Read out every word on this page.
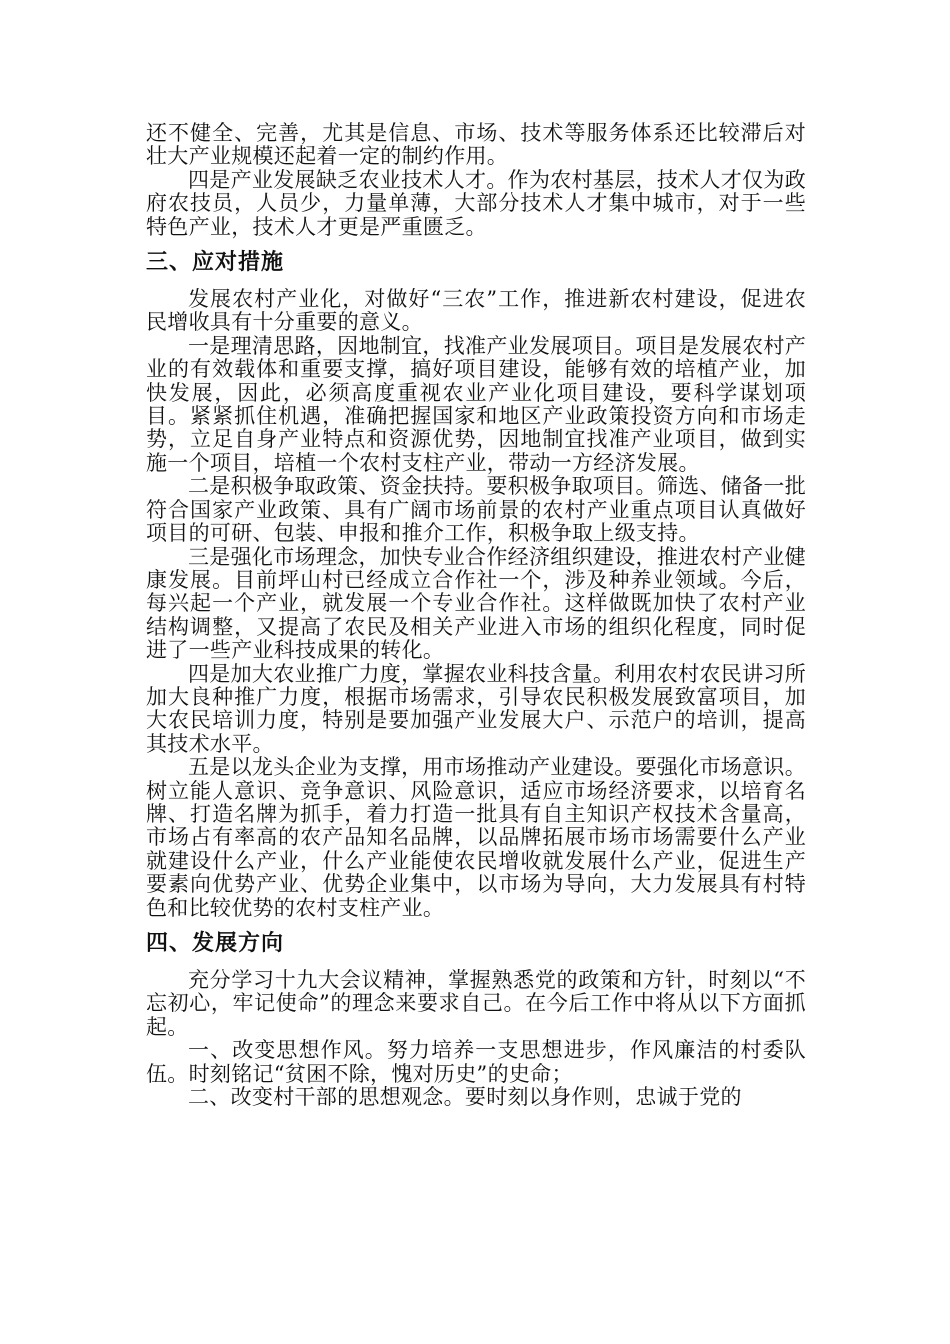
还不健全、完善，尤其是信息、市场、技术等服务体系还比较滞后对壮大产业规模还起着一定的制约作用。

四是产业发展缺乏农业技术人才。作为农村基层，技术人才仅为政府农技员，人员少，力量单薄，大部分技术人才集中城市，对于一些特色产业，技术人才更是严重匮乏。

三、应对措施

发展农村产业化，对做好“三农”工作，推进新农村建设，促进农民增收具有十分重要的意义。

一是理清思路，因地制宜，找准产业发展项目。项目是发展农村产业的有效载体和重要支撑，搞好项目建设，能够有效的培植产业，加快发展，因此，必须高度重视农业产业化项目建设，要科学谋划项目。紧紧抓住机遇，准确把握国家和地区产业政策投资方向和市场走势，立足自身产业特点和资源优势，因地制宜找准产业项目，做到实施一个项目，培植一个农村支柱产业，带动一方经济发展。

二是积极争取政策、资金扶持。要积极争取项目。筛选、储备一批符合国家产业政策、具有广阔市场前景的农村产业重点项目认真做好项目的可研、包装、申报和推介工作，积极争取上级支持。

三是强化市场理念，加快专业合作经济组织建设，推进农村产业健康发展。目前坪山村已经成立合作社一个，涉及种养业领域。今后，每兴起一个产业，就发展一个专业合作社。这样做既加快了农村产业结构调整，又提高了农民及相关产业进入市场的组织化程度，同时促进了一些产业科技成果的转化。

四是加大农业推广力度，掌握农业科技含量。利用农村农民讲习所加大良种推广力度，根据市场需求，引导农民积极发展致富项目，加大农民培训力度，特别是要加强产业发展大户、示范户的培训，提高其技术水平。

五是以龙头企业为支撑，用市场推动产业建设。要强化市场意识。树立能人意识、竞争意识、风险意识，适应市场经济要求，以培育名牌、打造名牌为抓手，着力打造一批具有自主知识产权技术含量高，市场占有率高的农产品知名品牌，以品牌拓展市场市场需要什么产业就建设什么产业，什么产业能使农民增收就发展什么产业，促进生产要素向优势产业、优势企业集中，以市场为导向，大力发展具有村特色和比较优势的农村支柱产业。

四、发展方向

充分学习十九大会议精神，掌握熟悉党的政策和方针，时刻以“不忘初心，牢记使命”的理念来要求自己。在今后工作中将从以下方面抓起。

一、改变思想作风。努力培养一支思想进步，作风廉洁的村委队伍。时刻铭记“贫困不除，愧对历史”的史命；

二、改变村干部的思想观念。要时刻以身作则，忠诚于党的
